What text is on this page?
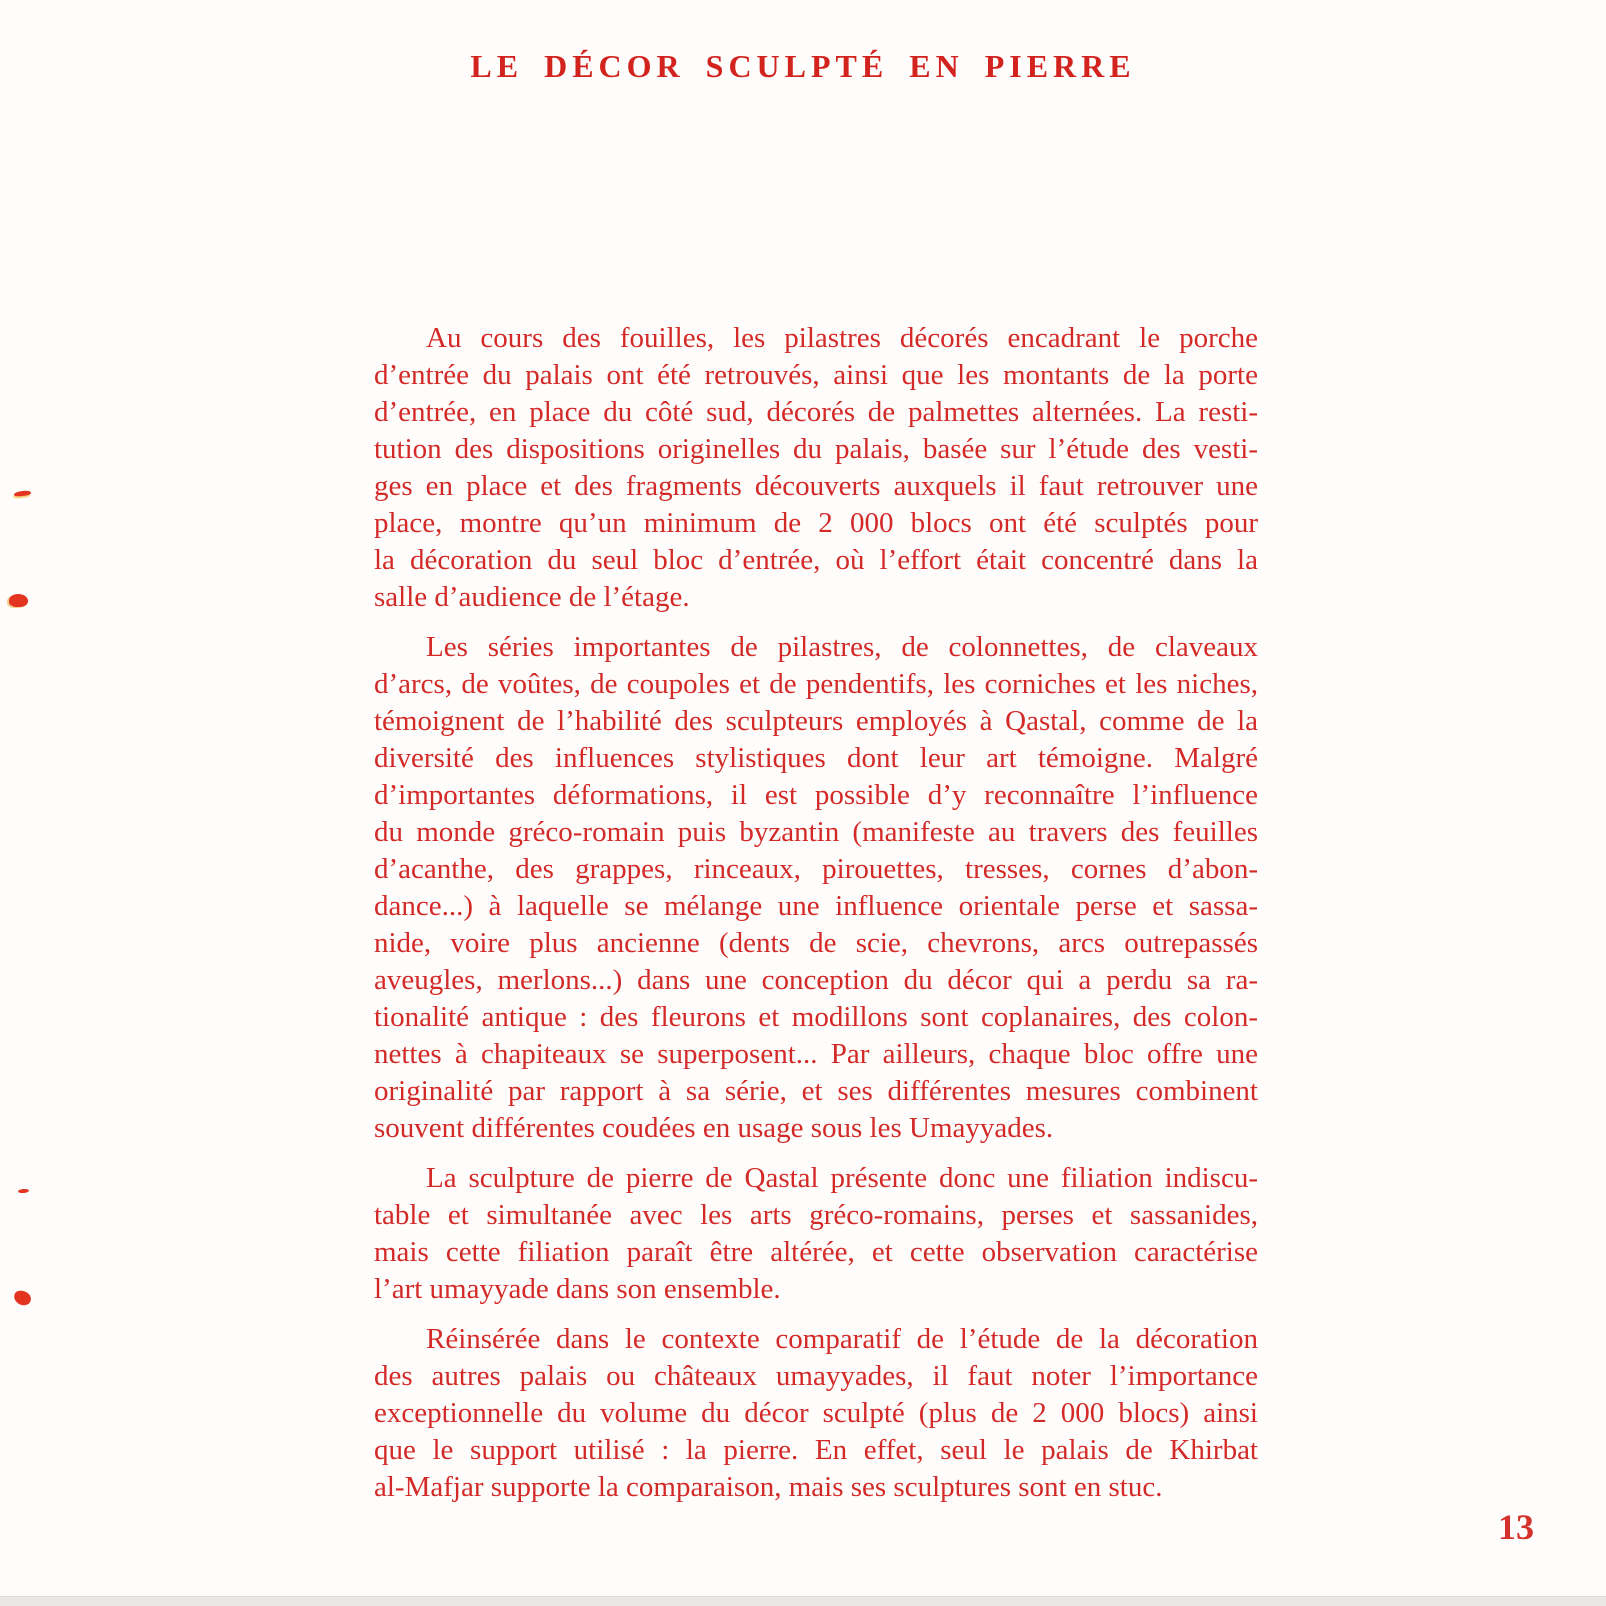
LE DÉCOR SCULPTÉ EN PIERRE
Au cours des fouilles, les pilastres décorés encadrant le porche
d’entrée du palais ont été retrouvés, ainsi que les montants de la porte
d’entrée, en place du côté sud, décorés de palmettes alternées. La resti-
tution des dispositions originelles du palais, basée sur l’étude des vesti-
ges en place et des fragments découverts auxquels il faut retrouver une
place, montre qu’un minimum de 2 000 blocs ont été sculptés pour
la décoration du seul bloc d’entrée, où l’effort était concentré dans la
salle d’audience de l’étage.
Les séries importantes de pilastres, de colonnettes, de claveaux
d’arcs, de voûtes, de coupoles et de pendentifs, les corniches et les niches,
témoignent de l’habilité des sculpteurs employés à Qastal, comme de la
diversité des influences stylistiques dont leur art témoigne. Malgré
d’importantes déformations, il est possible d’y reconnaître l’influence
du monde gréco-romain puis byzantin (manifeste au travers des feuilles
d’acanthe, des grappes, rinceaux, pirouettes, tresses, cornes d’abon-
dance...) à laquelle se mélange une influence orientale perse et sassa-
nide, voire plus ancienne (dents de scie, chevrons, arcs outrepassés
aveugles, merlons...) dans une conception du décor qui a perdu sa ra-
tionalité antique : des fleurons et modillons sont coplanaires, des colon-
nettes à chapiteaux se superposent... Par ailleurs, chaque bloc offre une
originalité par rapport à sa série, et ses différentes mesures combinent
souvent différentes coudées en usage sous les Umayyades.
La sculpture de pierre de Qastal présente donc une filiation indiscu-
table et simultanée avec les arts gréco-romains, perses et sassanides,
mais cette filiation paraît être altérée, et cette observation caractérise
l’art umayyade dans son ensemble.
Réinsérée dans le contexte comparatif de l’étude de la décoration
des autres palais ou châteaux umayyades, il faut noter l’importance
exceptionnelle du volume du décor sculpté (plus de 2 000 blocs) ainsi
que le support utilisé : la pierre. En effet, seul le palais de Khirbat
al-Mafjar supporte la comparaison, mais ses sculptures sont en stuc.
13
